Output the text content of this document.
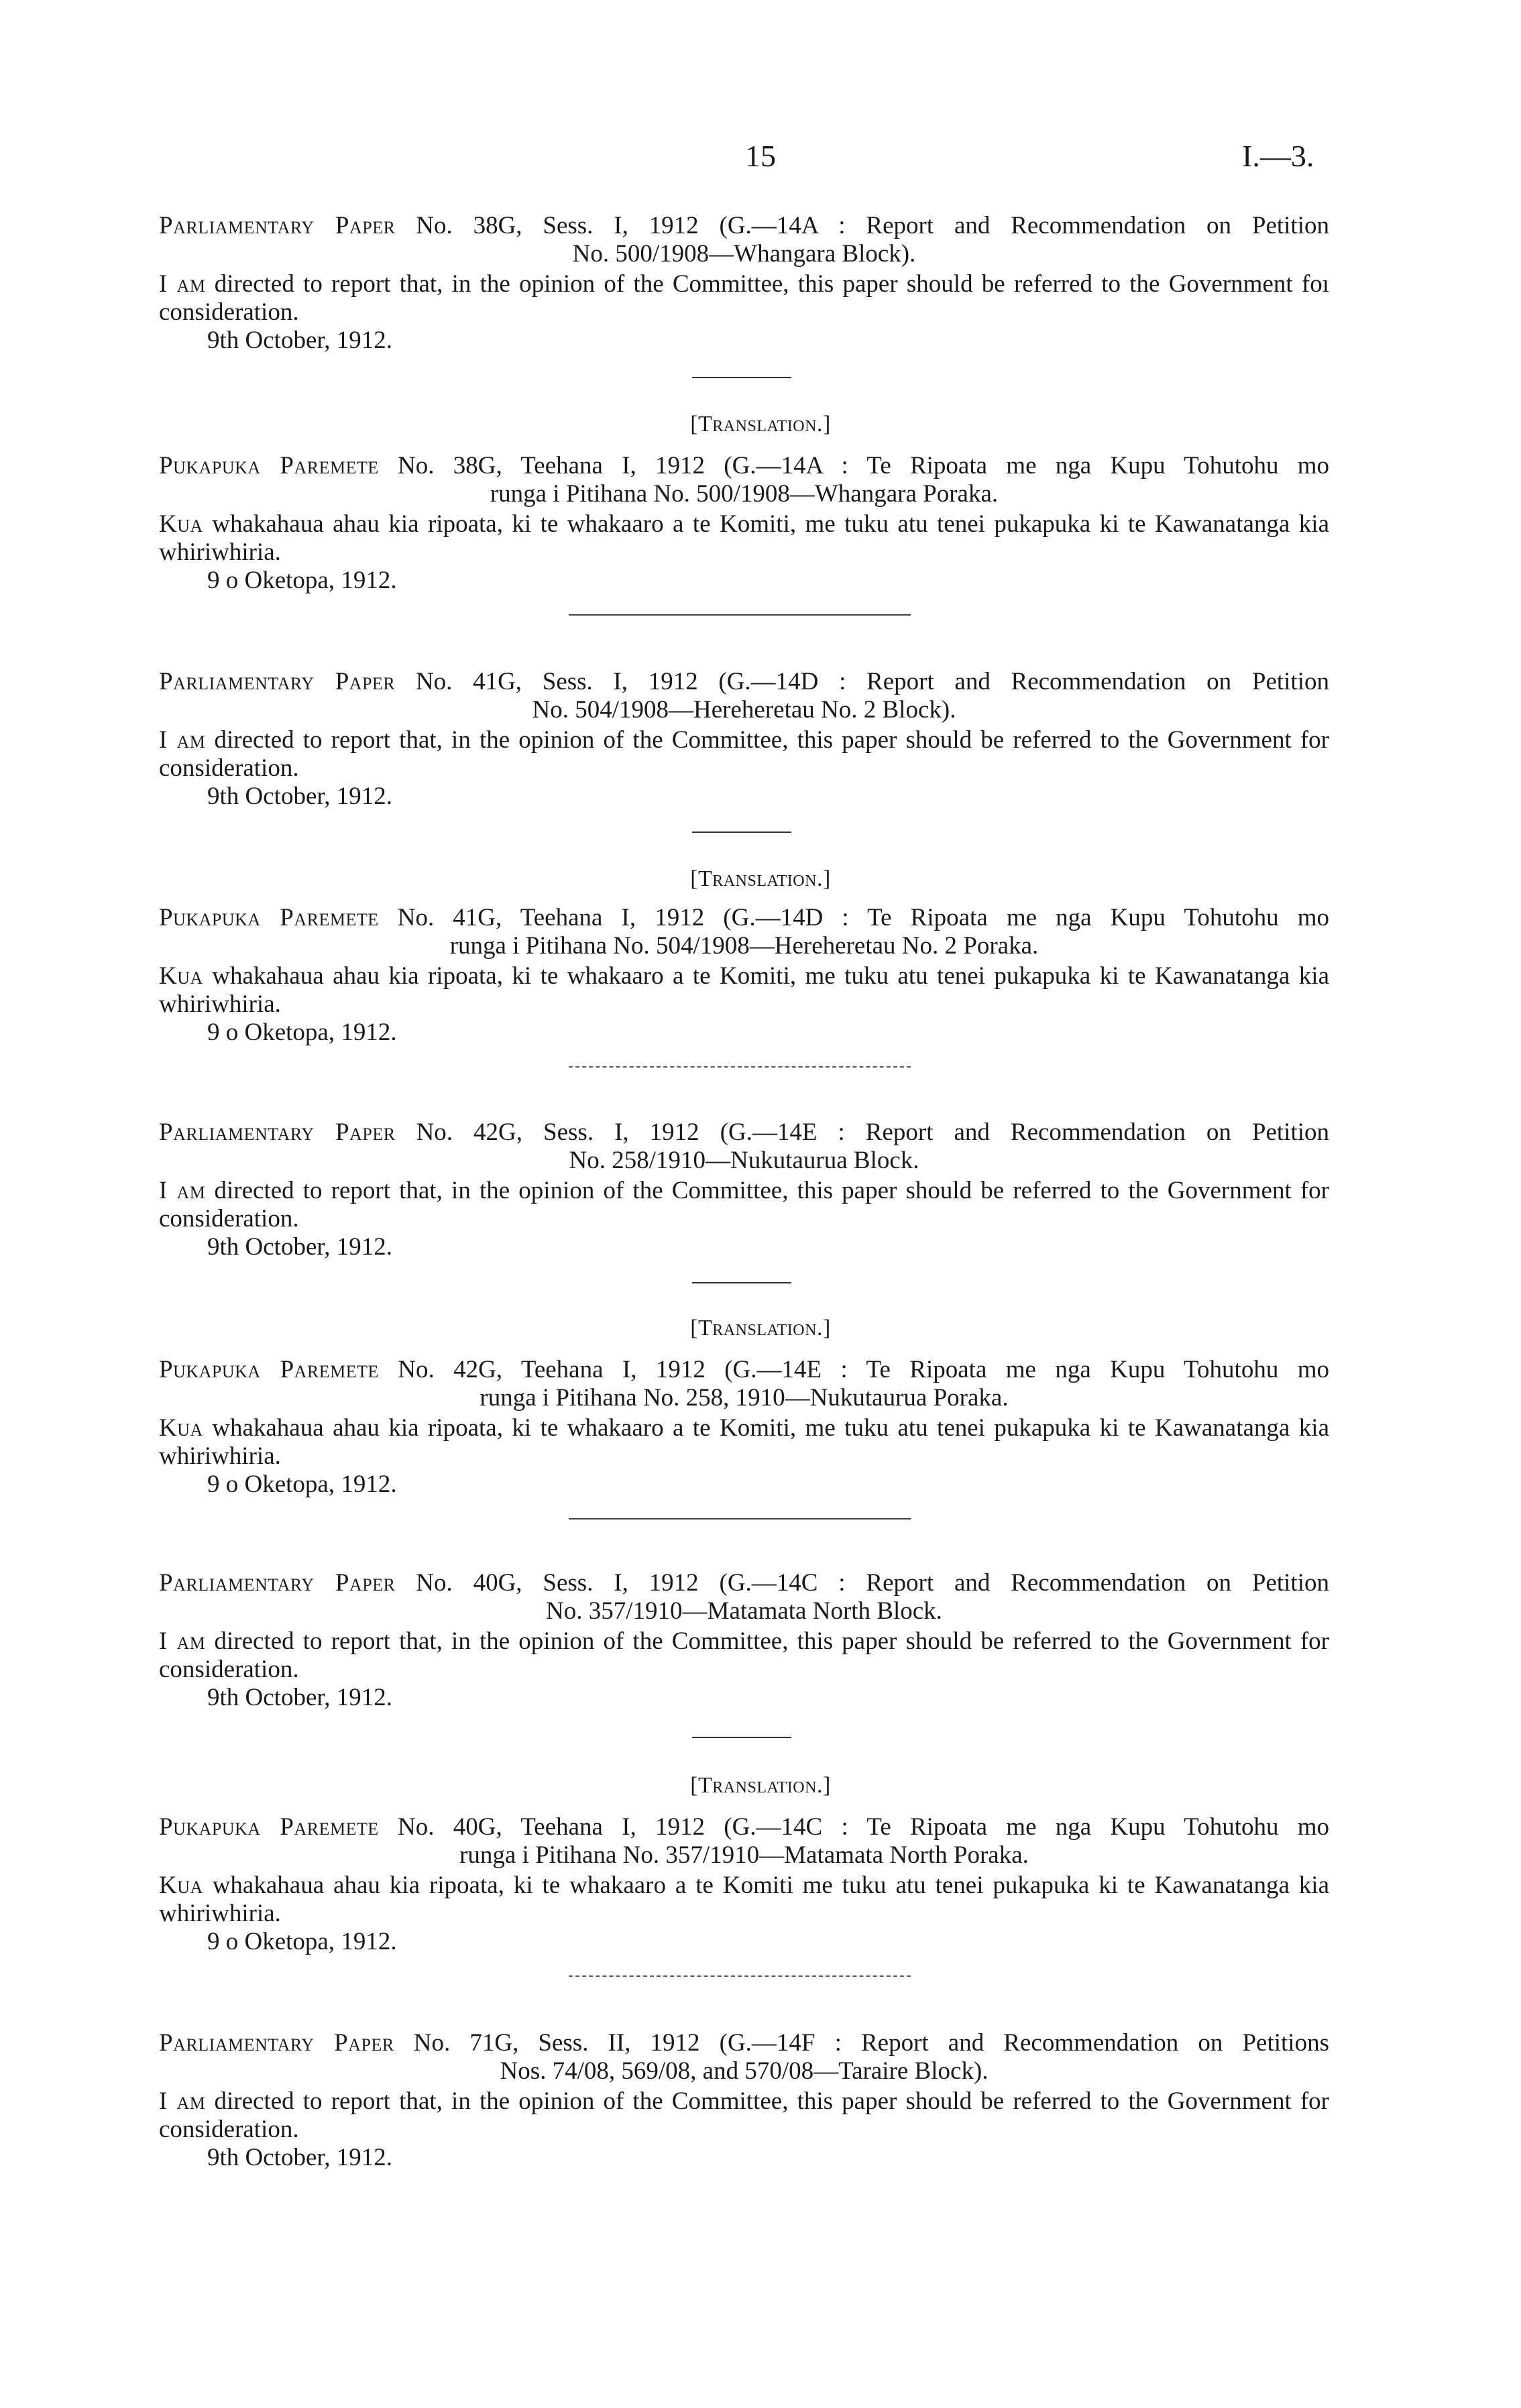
15	I.—3.

Parliamentary Paper No. 38G, Sess. I, 1912 (G.—14A : Report and Recommendation on Petition

No. 500/1908—Whangara Block).

I am directed to report that, in the opinion of the Committee, this paper should be referred to the Government foı consideration.

9th October, 1912.

[Translation.]

Pukapuka Paremete No. 38G, Teehana I, 1912 (G.—14A : Te Ripoata me nga Kupu Tohutohu mo

runga i Pitihana No. 500/1908—Whangara Poraka.

Kua whakahaua ahau kia ripoata, ki te whakaaro a te Komiti, me tuku atu tenei pukapuka ki te Kawanatanga kia whiriwhiria.

9 o Oketopa, 1912.

Parliamentary Paper No. 41G, Sess. I, 1912 (G.—14D : Report and Recommendation on Petition

No. 504/1908—Hereheretau No. 2 Block).

I am directed to report that, in the opinion of the Committee, this paper should be referred to the Government for consideration.

9th October, 1912.

[Translation.]

Pukapuka Paremete No. 41G, Teehana I, 1912 (G.—14D : Te Ripoata me nga Kupu Tohutohu mo

runga i Pitihana No. 504/1908—Hereheretau No. 2 Poraka.

Kua whakahaua ahau kia ripoata, ki te whakaaro a te Komiti, me tuku atu tenei pukapuka ki te Kawanatanga kia whiriwhiria.

9 o Oketopa, 1912.

Parliamentary Paper No. 42G, Sess. I, 1912 (G.—14E : Report and Recommendation on Petition

No. 258/1910—Nukutaurua Block.

I am directed to report that, in the opinion of the Committee, this paper should be referred to the Government for consideration.

9th October, 1912.

[Translation.]

Pukapuka Paremete No. 42G, Teehana I, 1912 (G.—14E : Te Ripoata me nga Kupu Tohutohu mo

runga i Pitihana No. 258, 1910—Nukutaurua Poraka.

Kua whakahaua ahau kia ripoata, ki te whakaaro a te Komiti, me tuku atu tenei pukapuka ki te Kawanatanga kia whiriwhiria.

9 o Oketopa, 1912.

Parliamentary Paper No. 40G, Sess. I, 1912 (G.—14C : Report and Recommendation on Petition

No. 357/1910—Matamata North Block.

I am directed to report that, in the opinion of the Committee, this paper should be referred to the Government for consideration.

9th October, 1912.

[Translation.]

Pukapuka Paremete No. 40G, Teehana I, 1912 (G.—14C : Te Ripoata me nga Kupu Tohutohu mo

runga i Pitihana No. 357/1910—Matamata North Poraka.

Kua whakahaua ahau kia ripoata, ki te whakaaro a te Komiti me tuku atu tenei pukapuka ki te Kawanatanga kia whiriwhiria.

9 o Oketopa, 1912.

Parliamentary Paper No. 71G, Sess. II, 1912 (G.—14F : Report and Recommendation on Petitions

Nos. 74/08, 569/08, and 570/08—Taraire Block).

I am directed to report that, in the opinion of the Committee, this paper should be referred to the Government for consideration.

9th October, 1912.
